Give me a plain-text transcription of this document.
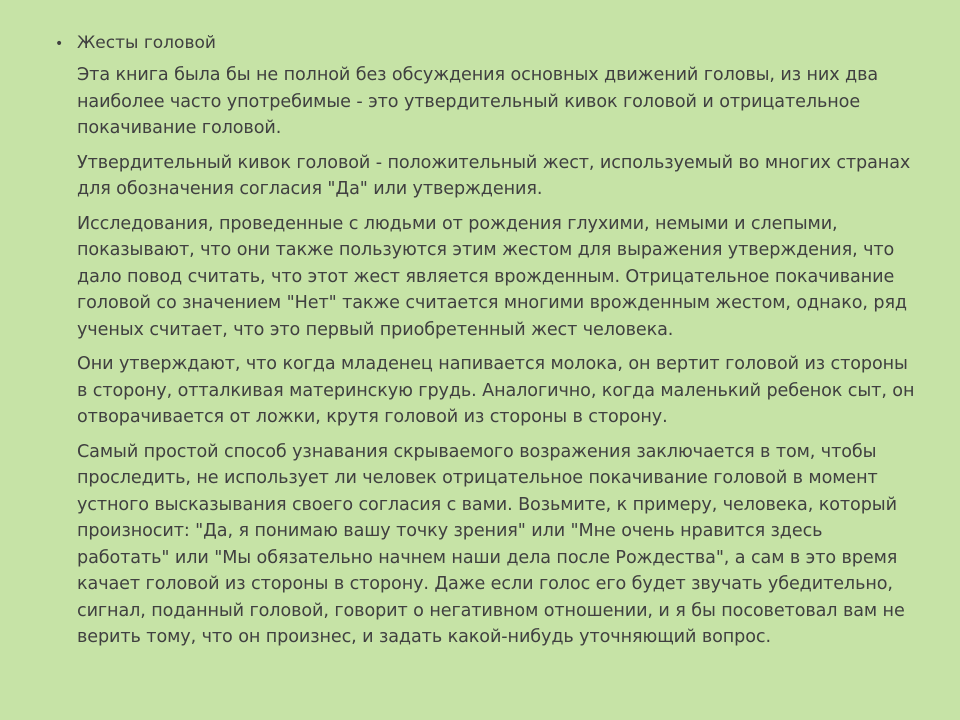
• Жесты головой

Эта книга была бы не полной без обсуждения основных движений головы, из них два наиболее часто употребимые - это утвердительный кивок головой и отрицательное покачивание головой.

Утвердительный кивок головой - положительный жест, используемый во многих странах для обозначения согласия "Да" или утверждения.

Исследования, проведенные с людьми от рождения глухими, немыми и слепыми, показывают, что они также пользуются этим жестом для выражения утверждения, что дало повод считать, что этот жест является врожденным. Отрицательное покачивание головой со значением "Нет" также считается многими врожденным жестом, однако, ряд ученых считает, что это первый приобретенный жест человека.

Они утверждают, что когда младенец напивается молока, он вертит головой из стороны в сторону, отталкивая материнскую грудь. Аналогично, когда маленький ребенок сыт, он отворачивается от ложки, крутя головой из стороны в сторону.

Самый простой способ узнавания скрываемого возражения заключается в том, чтобы проследить, не использует ли человек отрицательное покачивание головой в момент устного высказывания своего согласия с вами. Возьмите, к примеру, человека, который произносит: "Да, я понимаю вашу точку зрения" или "Мне очень нравится здесь работать" или "Мы обязательно начнем наши дела после Рождества", а сам в это время качает головой из стороны в сторону. Даже если голос его будет звучать убедительно, сигнал, поданный головой, говорит о негативном отношении, и я бы посоветовал вам не верить тому, что он произнес, и задать какой-нибудь уточняющий вопрос.
